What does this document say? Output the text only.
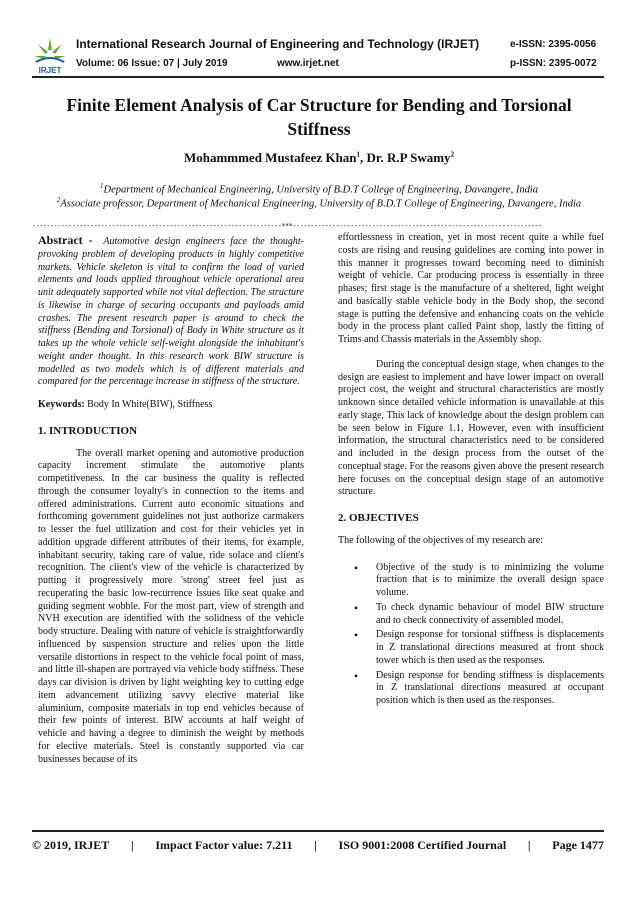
IRJET
International Research Journal of Engineering and Technology (IRJET)	e-ISSN: 2395-0056
Volume: 06 Issue: 07 | July 2019	www.irjet.net	p-ISSN: 2395-0072
Finite Element Analysis of Car Structure for Bending and Torsional Stiffness
Mohammmed Mustafeez Khan$^1$, Dr. R.P Swamy$^2$
$^1$Department of Mechanical Engineering, University of B.D.T College of Engineering, Davangere, India
$^2$Associate professor, Department of Mechanical Engineering, University of B.D.T College of Engineering, Davangere, India
---------------------------------------------------------------------***---------------------------------------------------------------------

Abstract - Automotive design engineers face the thought-provoking problem of developing products in highly competitive markets. Vehicle skeleton is vital to confirm the load of varied elements and loads applied throughout vehicle operational area unit adequately supported while not vital deflection. The structure is likewise in charge of securing occupants and payloads amid crashes. The present research paper is around to check the stiffness (Bending and Torsional) of Body in White structure as it takes up the whole vehicle self-weight alongside the inhabitant's weight under thought. In this research work BIW structure is modelled as two models which is of different materials and compared for the percentage increase in stiffness of the structure.

Keywords: Body In White(BIW), Stiffness

1. INTRODUCTION

The overall market opening and automotive production capacity increment stimulate the automotive plants competitiveness. In the car business the quality is reflected through the consumer loyalty's in connection to the items and offered administrations. Current auto economic situations and forthcoming government guidelines not just authorize carmakers to lesser the fuel utilization and cost for their vehicles yet in addition upgrade different attributes of their items, for example, inhabitant security, taking care of value, ride solace and client's recognition. The client's view of the vehicle is characterized by putting it progressively more 'strong' street feel just as recuperating the basic low-recurrence issues like seat quake and guiding segment wobble. For the most part, view of strength and NVH execution are identified with the solidness of the vehicle body structure. Dealing with nature of vehicle is straightforwardly influenced by suspension structure and relies upon the little versatile distortions in respect to the vehicle focal point of mass, and little ill-shapen are portrayed via vehicle body stiffness. These days car division is driven by light weighting key to cutting edge item advancement utilizing savvy elective material like aluminium, composite materials in top end vehicles because of their few points of interest. BIW accounts at half weight of vehicle and having a degree to diminish the weight by methods for elective materials. Steel is constantly supported via car businesses because of its

effortlessness in creation, yet in most recent quite a while fuel costs are rising and reusing guidelines are coming into power in this manner it progresses toward becoming need to diminish weight of vehicle. Car producing process is essentially in three phases; first stage is the manufacture of a sheltered, light weight and basically stable vehicle body in the Body shop, the second stage is putting the defensive and enhancing coats on the vehicle body in the process plant called Paint shop, lastly the fitting of Trims and Chassis materials in the Assembly shop.

During the conceptual design stage, when changes to the design are easiest to implement and have lower impact on overall project cost, the weight and structural characteristics are mostly unknown since detailed vehicle information is unavailable at this early stage, This lack of knowledge about the design problem can be seen below in Figure 1.1, However, even with insufficient information, the structural characteristics need to be considered and included in the design process from the outset of the conceptual stage. For the reasons given above the present research here focuses on the conceptual design stage of an automotive structure.

2. OBJECTIVES

The following of the objectives of my research are:

• Objective of the study is to minimizing the volume fraction that is to minimize the overall design space volume.
• To check dynamic behaviour of model BIW structure and to check connectivity of assembled model.
• Design response for torsional stiffness is displacements in Z translational directions measured at front shock tower which is then used as the responses.
• Design response for bending stiffness is displacements in Z translational directions measured at occupant position which is then used as the responses.
© 2019, IRJET | Impact Factor value: 7.211 | ISO 9001:2008 Certified Journal | Page 1477
